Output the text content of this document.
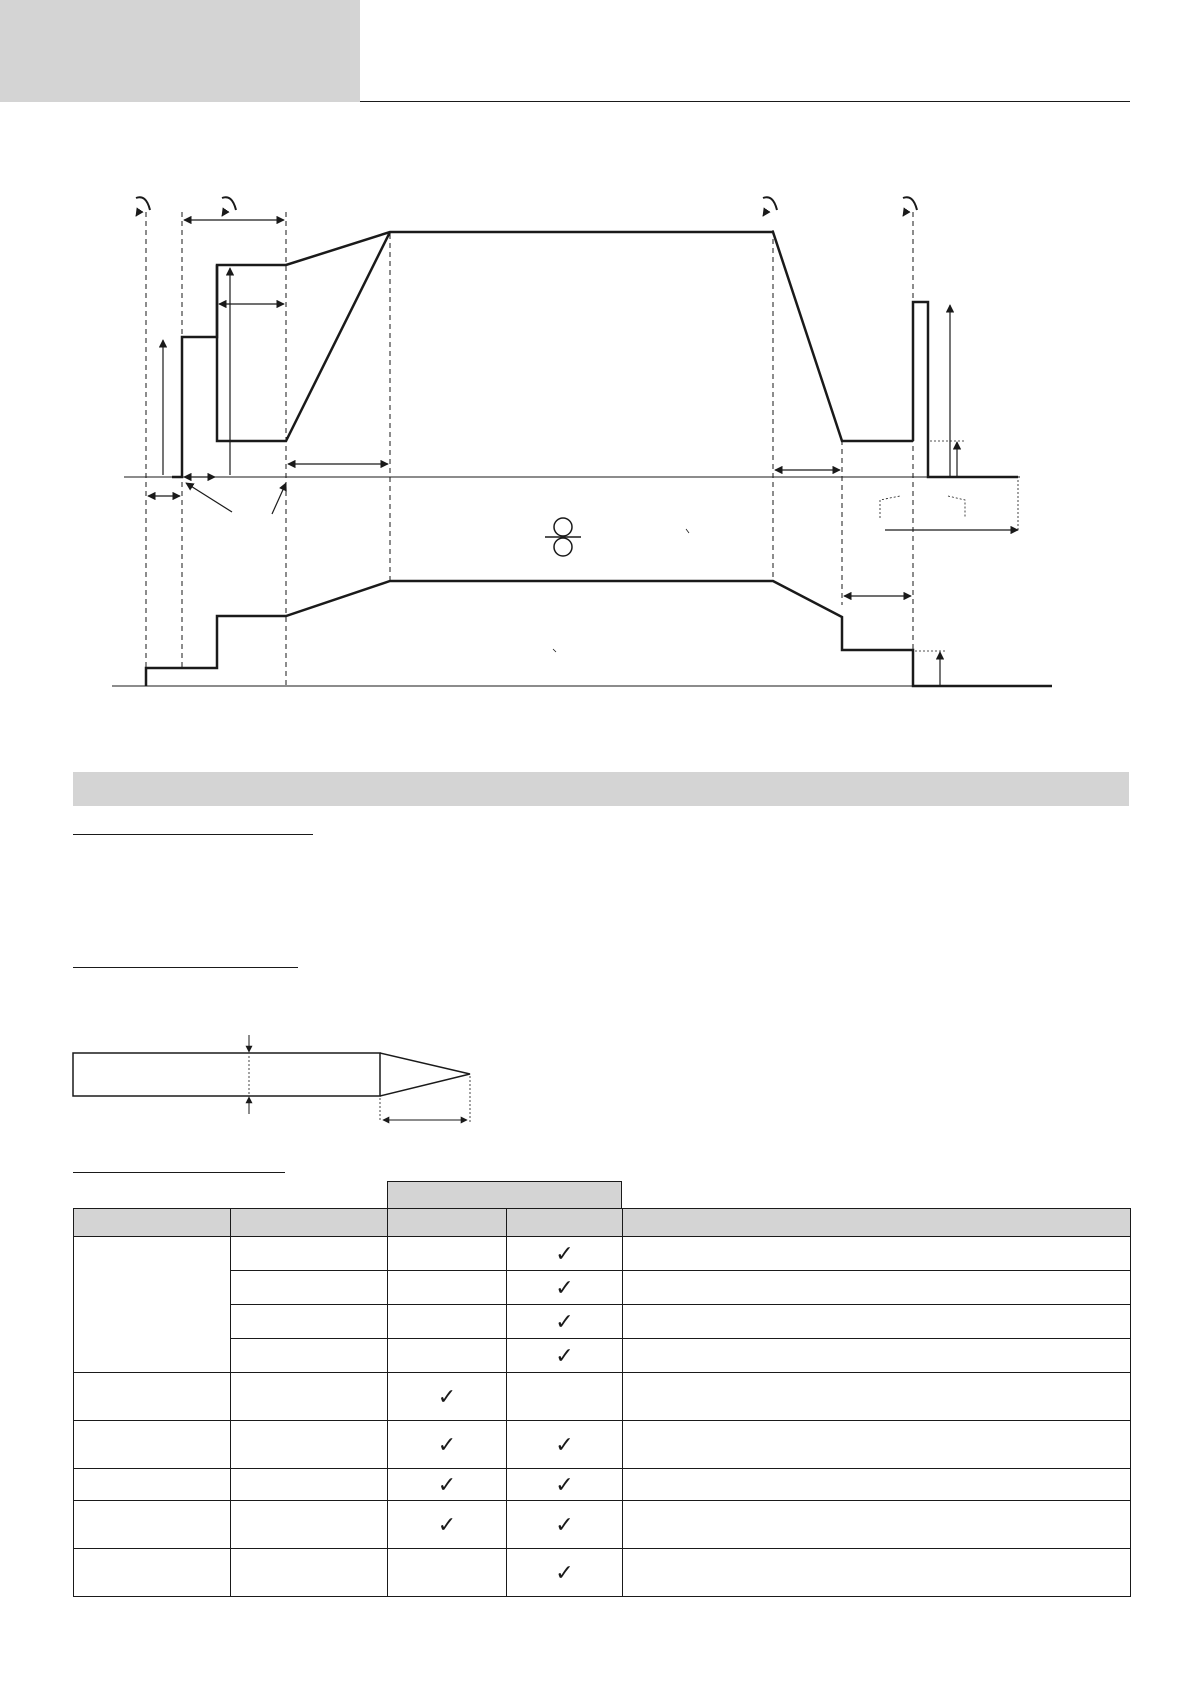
			✓	
			✓	
			✓	
			✓	
		✓		
		✓	✓	
		✓	✓	
		✓	✓	
			✓	
